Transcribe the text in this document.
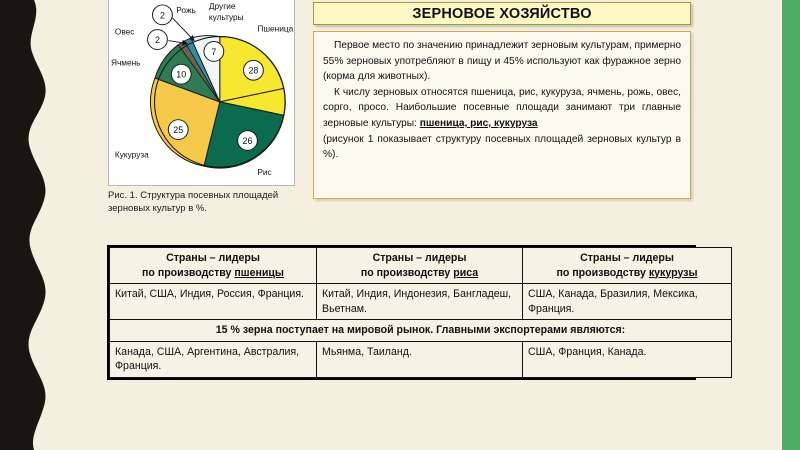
28
26
25
10
7
2
2
Пшеница
Рис
Кукуруза
Ячмень
Овес
Рожь Другие
культуры
Рис. 1. Структура посевных площадей зерновых культур в %.
ЗЕРНОВОЕ ХОЗЯЙСТВО

Первое место по значению принадлежит зерновым культурам, примерно 55% зерновых употребляют в пищу и 45% используют как фуражное зерно (корма для животных).

К числу зерновых относятся пшеница, рис, кукуруза, ячмень, рожь, овес, сорго, просо. Наибольшие посевные площади занимают три главные зерновые культуры: пшеница, рис, кукуруза

(рисунок 1 показывает структуру посевных площадей зерновых культур в %).

Страны – лидеры
по производству пшеницы	Страны – лидеры
по производству риса	Страны – лидеры
по производству кукурузы
Китай, США, Индия, Россия, Франция.	Китай, Индия, Индонезия, Бангладеш, Вьетнам.	США, Канада, Бразилия, Мексика, Франция.
15 % зерна поступает на мировой рынок. Главными экспортерами являются:		
Канада, США, Аргентина, Австралия, Франция.	Мьянма, Таиланд.	США, Франция, Канада.
